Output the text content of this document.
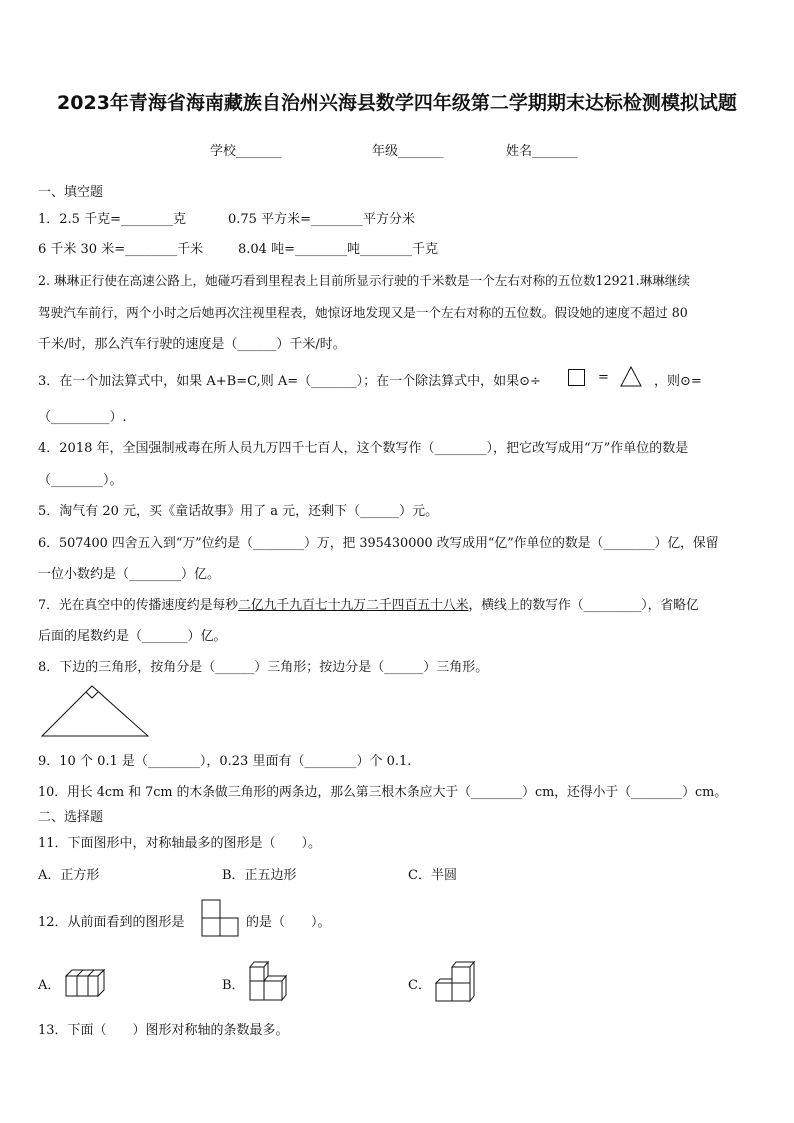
2023年青海省海南藏族自治州兴海县数学四年级第二学期期末达标检测模拟试题
学校_______	年级_______	姓名_______
一、填空题
1．2.5 千克=________克	0.75 平方米=________平方分米
6 千米 30 米=________千米	8.04 吨=________吨________千克
2. 琳琳正行使在高速公路上，她碰巧看到里程表上目前所显示行驶的千米数是一个左右对称的五位数12921.琳琳继续
驾驶汽车前行，两个小时之后她再次注视里程表，她惊讶地发现又是一个左右对称的五位数。假设她的速度不超过 80
千米/时，那么汽车行驶的速度是（______）千米/时。
3．在一个加法算式中，如果 A+B=C,则 A=（_______）；在一个除法算式中，如果⊙÷	=	，则⊙=
（_________）.
4．2018 年，全国强制戒毒在所人员九万四千七百人，这个数写作（________），把它改写成用“万”作单位的数是
（________）。
5．淘气有 20 元，买《童话故事》用了 a 元，还剩下（______）元。
6．507400 四舍五入到“万”位约是（________）万，把 395430000 改写成用“亿”作单位的数是（________）亿，保留
一位小数约是（________）亿。
7．光在真空中的传播速度约是每秒二亿九千九百七十九万二千四百五十八米，横线上的数写作（_________），省略亿
后面的尾数约是（_______）亿。
8．下边的三角形，按角分是（______）三角形；按边分是（______）三角形。
9．10 个 0.1 是（________），0.23 里面有（________）个 0.1.
10．用长 4cm 和 7cm 的木条做三角形的两条边，那么第三根木条应大于（________）cm，还得小于（________）cm。
二、选择题
11．下面图形中，对称轴最多的图形是（　　）。
A．正方形	B．正五边形	C．半圆
12．从前面看到的图形是	的是（　　）。
A．	B．	C．
13．下面（　　）图形对称轴的条数最多。
